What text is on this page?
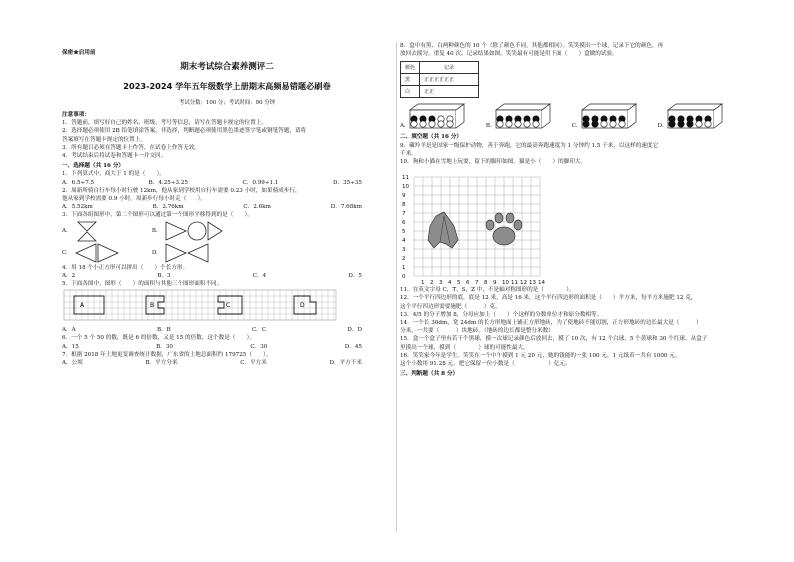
保密★启用前
期末考试综合素养测评二
2023-2024 学年五年级数学上册期末高频易错题必刷卷
考试分数：100 分；考试时间：90 分钟
注意事项：
1．答题前，填写好自己的姓名、班级、考号等信息，请写在答题卡规定的位置上。
2．选择题必须使用 2B 铅笔填涂答案，非选择，判断题必须使用黑色墨迹签字笔或钢笔答题，请将
答案填写在答题卡规定的位置上。
3．所有题目必须在答题卡上作答，在试卷上作答无效。
4．考试结束后将试卷和答题卡一并交回。
一、选择题（共 16 分）
1．下列算式中，商大于 1 的是（　　）。
A．6.5÷7.5	B．4.25÷3.25	C．0.99÷1.1	D．35÷35
2．周新所骑自行车每小时行驶 12km，他从家到学校用自行车需要 0.23 小时，如果骑成步行，
他从家到学校需要 0.9 小时。周新步行每小时走（　　）。
A．5.52km	B．2.76km	C．2.6km	D．7.68km
3．下面各组图形中，第二个图形可以通过第一个图形平移得到的是（　　）。
A.	B.
C.	D.
4．用 18 个小正方形可以拼出（　　）个长方形。
A．2	B．3	C．4	D．5
5．下面各图中，图形（　　）的面积与其他三个图形面积不同。
A	B	C	D
A．A	B．B	C．C	D．D
6．一个 5 个 50 的数，既是 6 的倍数，又是 15 的倍数，这个数是（　　）。
A．15	B．30	C．30	D．45
7．根据 2018 年土地更变调查统计数据，广东省的土地总面积约 179725（　　）。
A．公顷	B．平方分米	C．平方米	D．平方千米
8．盒中有黑、白两种颜色的 10 个（除了颜色不同，其他都相同）。笑笑摸出一个球，记录下它的颜色，再
放回去摇匀，重复 40 次，记录结果如图。笑笑最有可能是用下面（　　）盒做的试验。
颜色	记录
黑	正正正正正正
白	正正
A.	B.	C.	D.
二、填空题（共 16 分）
9．藏羚羊是是国家一级保护动物，善于奔跑，它的最高奔跑速度为 1 分钟约 1.5 千米，以这样的速度它
千米。
10．狗和小猫在雪地上玩耍，留下的脚印如图。猫是小（　　）的脚印大。
11
10
9
8
7
6
5
4
3
2
1
0
1 2 3 4 5 6 7 8 9 10 11 12 13 14
11．在英文字母 C，T，S，Z 中，不是轴对称图形的是（　　　　）。
12．一个平行四边形的底，底是 12 米，高是 16 米，这个平行四边形的面积是（　　）平方米，每平方米施肥 12 克，
这个平行四边形需要施肥（　　　）克。
13．4/5 的分子增加 8，分母应加上（　　）个这样的分数单位才和原分数相等。
14．一个长 30dm，宽 24dm 的长方形地面上铺正方形地砖，为了使地砖不能切割，正方形地砖的边长最大是（　　　）
分米，一共要（　　　）块地砖。（地砖的边长都是整分米数）
15．盒一个盒子里有若干个黑球，摸一次球记录颜色后放回去，摸了 10 次，有 12 个白球，5 个黄球和 30 个红球。从盒子
里摸出一个球，摸到（　　　　）球的可能性最大。
16．笑笑家今年是学生。笑笑在一个中午摸到 1 元 20 元，她的钱能的一张 100 元，1 元纸币一共有 1000 元。
这个小数用 91.28 元，把它保留一位小数是（　　　　　　）亿元。
三、判断题（共 8 分）
